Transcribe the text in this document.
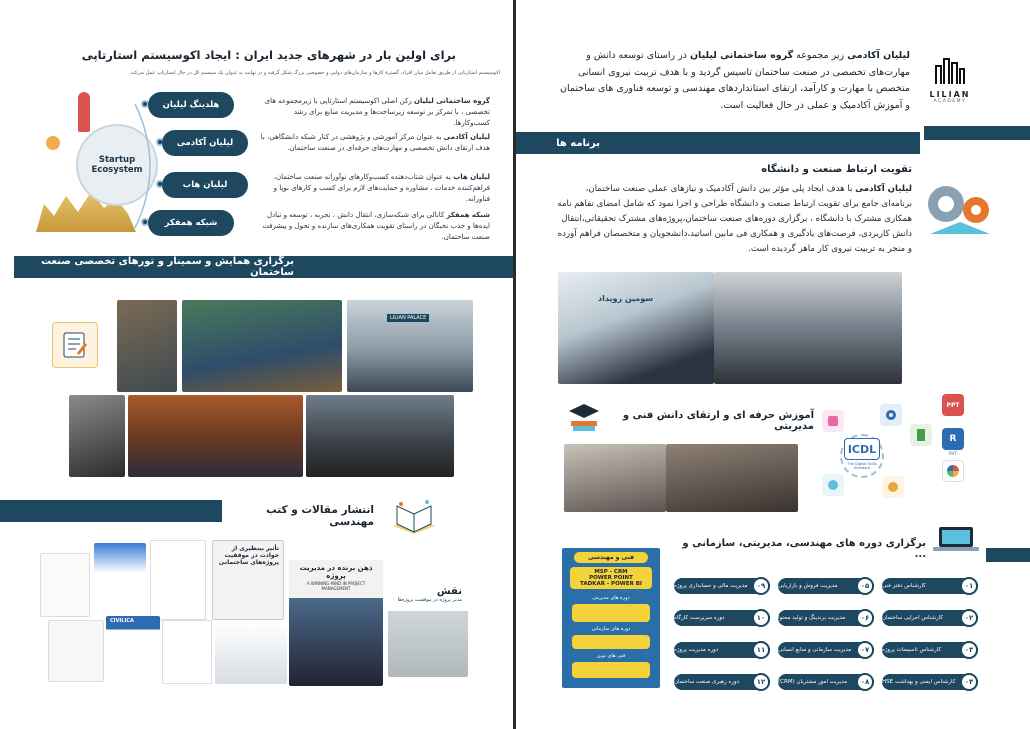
برای اولین بار در شهرهای جدید ایران : ایجاد اکوسیستم استارتاپی
اکوسیستم استارتاپی از طریق تعامل میان افراد، گسترهٔ کارها و سازمان‌های دولتی و خصوصی بزرگ شکل گرفته و در نهایت به عنوان یک سیستم کل در حال استارتاپ عمل می‌کند.
Startup Ecosystem
هلدینگ لیلیان
لیلیان آکادمی
لیلیان هاب
شبکه همفکر
گروه ساختمانی لیلیان رکن اصلی اکوسیستم استارتاپی با زیرمجموعه های تخصصی ، با تمرکز بر توسعه زیرساخت‌ها و مدیریت منابع برای رشد کسب‌وکارها.
لیلیان آکادمی به عنوان مرکز آموزشی و پژوهشی در کنار شبکه دانشگاهی، با هدف ارتقای دانش تخصصی و مهارت‌های حرفه‌ای در صنعت ساختمان.
لیلیان هاب به عنوان شتاب‌دهنده کسب‌وکارهای نوآورانه صنعت ساختمان، فراهم‌کننده خدمات ، مشاوره و حمایت‌های لازم برای کسب و کارهای نوپا و فناورانه.
شبکه همفکر کانالی برای شبکه‌سازی، انتقال دانش ، تجربه ، توسعه و تبادل ایده‌ها و جذب نخبگان در راستای تقویت همکاری‌های سازنده و تحول و پیشرفت صنعت ساختمان.
برگزاری همایش و سمینار و تورهای تخصصی صنعت ساختمان
LILIAN PALACE
انتشار مقالات و کتب مهندسی
تأثیر بینظیری از حوادث در موفقیت پروژه‌های ساختمانی
ذهن برنده در مدیریت پروژه
A WINNING MIND IN PROJECT MANAGEMENT	نقش
مدیر پروژه در موفقیت پروژه‌ها
CIVILICA
LILIAN
ACADEMY
لیلیان آکادمی زیر مجموعه گروه ساختمانی لیلیان در راستای توسعه دانش و مهارت‌های تخصصی در صنعت ساختمان تاسیس گردید و با هدف تربیت نیروی انسانی متخصص با مهارت و کارآمد، ارتقای استانداردهای مهندسی و توسعه فناوری های ساختمان و آموزش آکادمیک و عملی در حال فعالیت است.
برنامه ها
تقویت ارتباط صنعت و دانشگاه
لیلیان آکادمی با هدف ایجاد پلی مؤثر بین دانش آکادمیک و نیازهای عملی صنعت ساختمان، برنامه‌ای جامع برای تقویت ارتباط صنعت و دانشگاه طراحی و اجرا نمود که شامل امضای تفاهم نامه همکاری مشترک با دانشگاه ، برگزاری دوره‌های صنعت ساختمان،پروژه‌های مشترک تحقیقاتی،انتقال دانش کاربردی، فرصت‌های یادگیری و همکاری فی مابین اساتید،دانشجویان و متخصصان فراهم آورده و منجر به تربیت نیروی کار ماهر گردیده است.
سومین رویداد
آموزش حرفه ای و ارتقای دانش فنی و مدیریتی
ICDL
The Digital Skills Standard
PPT
R
RVT
برگزاری دوره های مهندسی، مدیریتی، سازمانی و ...
فنی و مهندسی
MSP - CRM
POWER POINT
TADKAR - POWER BI
دوره های مدیریتی
دوره های سازمانی
فنی های نوین
کارشناس دفتر فنی	۰۱
کارشناس اجرایی ساختمان	۰۲
کارشناس تاسیسات پروژه	۰۳
کارشناس ایمنی و بهداشت HSE	۰۴
مدیریت فروش و بازاریابی	۰۵
مدیریت برندینگ و تولید محتوا	۰۶
مدیریت سازمانی و منابع انسانی	۰۷
مدیریت امور مشتریان (CRM)	۰۸
مدیریت مالی و حسابداری پروژه	۰۹
دوره سرپرست کارگاه	۱۰
دوره مدیریت پروژه	۱۱
دوره رهبری صنعت ساختمان	۱۲
